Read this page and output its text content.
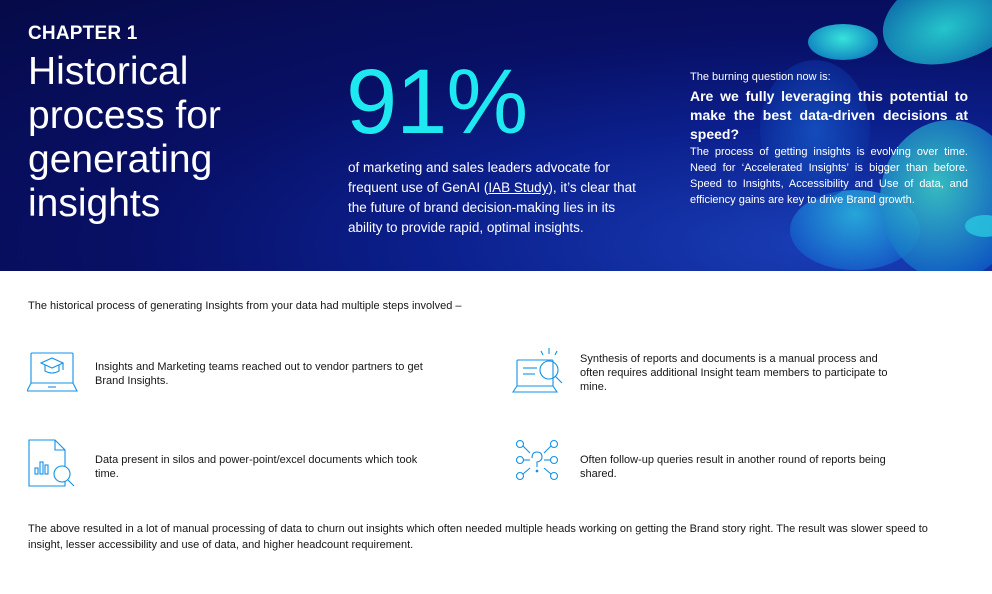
CHAPTER 1
Historical process for generating insights
91%
of marketing and sales leaders advocate for frequent use of GenAI (IAB Study), it’s clear that the future of brand decision-making lies in its ability to provide rapid, optimal insights.
The burning question now is:
Are we fully leveraging this potential to make the best data-driven decisions at speed?
The process of getting insights is evolving over time. Need for ‘Accelerated Insights’ is bigger than before. Speed to Insights, Accessibility and Use of data, and efficiency gains are key to drive Brand growth.
The historical process of generating Insights from your data had multiple steps involved –
Insights and Marketing teams reached out to vendor partners to get Brand Insights.
Synthesis of reports and documents is a manual process and often requires additional Insight team members to participate to mine.
Data present in silos and power-point/excel documents which took time.
Often follow-up queries result in another round of reports being shared.
The above resulted in a lot of manual processing of data to churn out insights which often needed multiple heads working on getting the Brand story right. The result was slower speed to insight, lesser accessibility and use of data, and higher headcount requirement.
